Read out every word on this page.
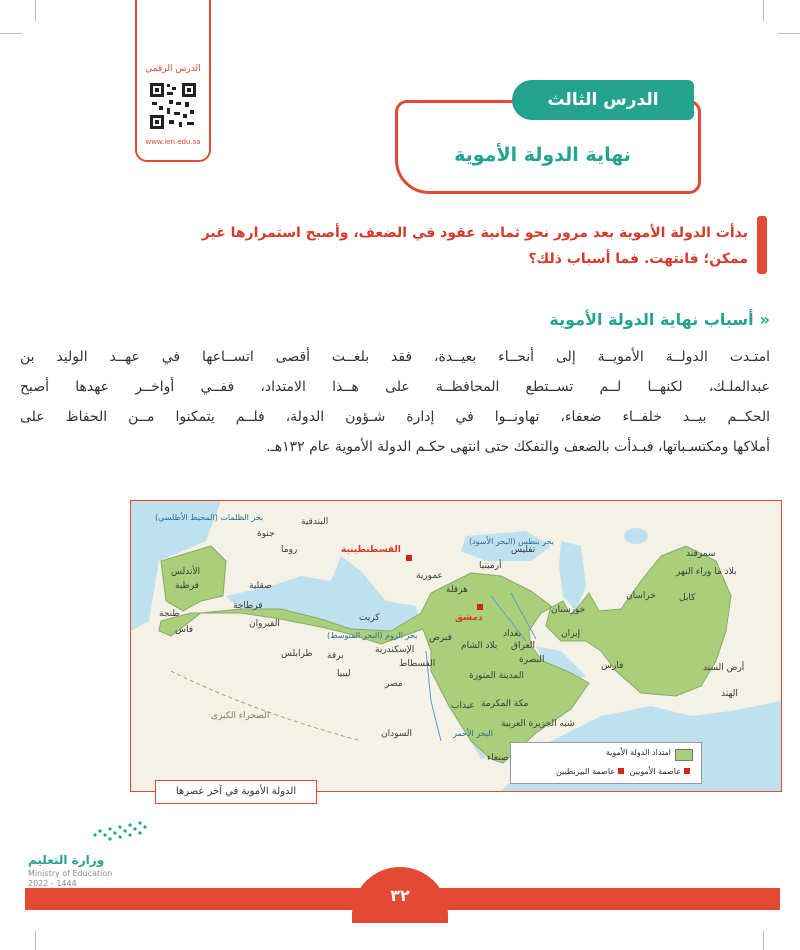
الدرس الرقمي
www.ien.edu.sa
الدرس الثالث
نهاية الدولة الأموية
بدأت الدولة الأموية بعد مرور نحو ثمانية عقود في الضعف، وأصبح استمرارها غير
ممكن؛ فانتهت. فما أسباب ذلك؟
«أسباب نهاية الدولة الأموية
امتـدت الدولــة الأمويــة إلى أنحــاء بعيــدة، فقد بلغــت أقصى اتســاعها في عهــد الوليد بن
عبدالملـك، لكنهــا لــم تســتطع المحافظــة على هــذا الامتداد، ففــي أواخــر عهدها أصبح
الحكــم بيــد خلفــاء ضعفاء، تهاونــوا في إدارة شـؤون الدولة، فلــم يتمكنوا مــن الحفاظ على
أملاكها ومكتسـباتها، فبـدأت بالضعف والتفكك حتى انتهى حكـم الدولة الأموية عام ١٣٢هـ.
بحر الظلمات (المحيط الأطلسي)
الأندلس
قرطبة
طنجة
فاس
قرطاجة
القيروان
صقلية
جنوة
روما
البندقية
القسطنطينية
بحر بنطس (البحر الأسود)
أرمينيا
تفليس
عمورية
هرقلة
بحر الروم (البحر المتوسط)
كريت
قبرص
دمشق
بلاد الشام
بغداد
العراق
البصرة
خوزستان
إيران
خراسان
بلاد ما وراء النهر
سمرقند
كابل
فارس	أرض السند
الهند
طرابلس برقة
الإسكندرية
الفسطاط
ليبيا
مصر
المدينة المنورة
مكة المكرمة
شبه الجزيرة العربية
عيذاب
السودان
صنعاء
البحر الأحمر
الصحراء الكبرى
امتداد الدولة الأموية
عاصمة الأمويين عاصمة البيزنطيين
الدولة الأموية في آخر عصرها
وزارة التعليم
Ministry of Education
2022 - 1444
٣٢
